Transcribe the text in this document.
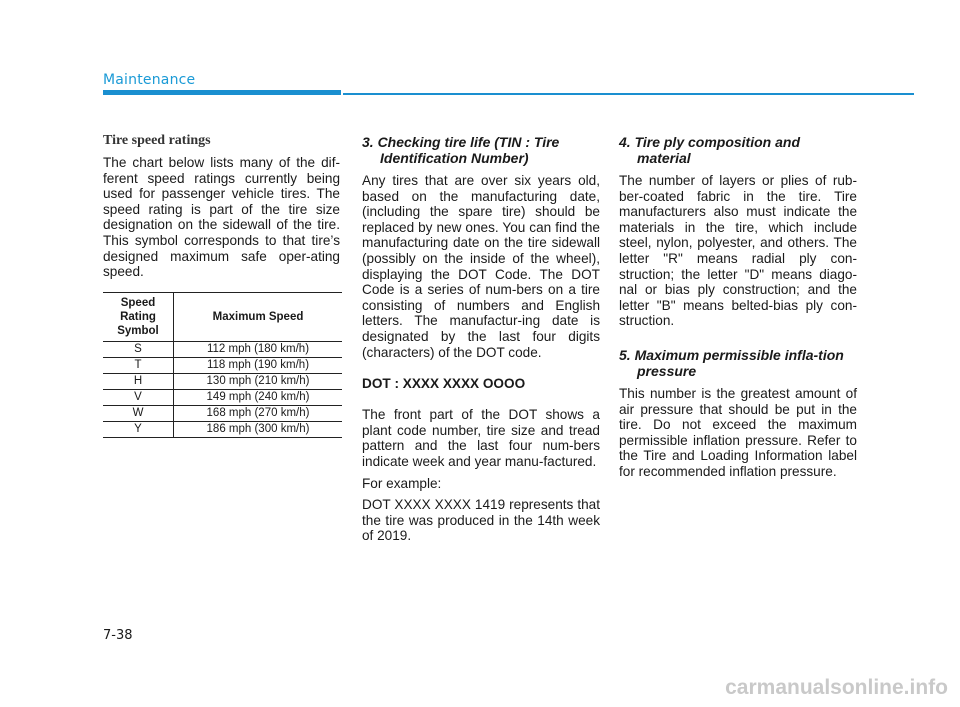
Maintenance
Tire speed ratings

The chart below lists many of the dif-ferent speed ratings currently being used for passenger vehicle tires. The speed rating is part of the tire size designation on the sidewall of the tire. This symbol corresponds to that tire’s designed maximum safe oper-ating speed.

Speed Rating Symbol	Maximum Speed
S	112 mph (180 km/h)
T	118 mph (190 km/h)
H	130 mph (210 km/h)
V	149 mph (240 km/h)
W	168 mph (270 km/h)
Y	186 mph (300 km/h)
3. Checking tire life (TIN : Tire Identification Number)

Any tires that are over six years old, based on the manufacturing date, (including the spare tire) should be replaced by new ones. You can find the manufacturing date on the tire sidewall (possibly on the inside of the wheel), displaying the DOT Code. The DOT Code is a series of num-bers on a tire consisting of numbers and English letters. The manufactur-ing date is designated by the last four digits (characters) of the DOT code.

DOT : XXXX XXXX OOOO

The front part of the DOT shows a plant code number, tire size and tread pattern and the last four num-bers indicate week and year manu-factured.

For example:

DOT XXXX XXXX 1419 represents that the tire was produced in the 14th week of 2019.

4. Tire ply composition and material

The number of layers or plies of rub-ber-coated fabric in the tire. Tire manufacturers also must indicate the materials in the tire, which include steel, nylon, polyester, and others. The letter "R" means radial ply con-struction; the letter "D" means diago-nal or bias ply construction; and the letter "B" means belted-bias ply con-struction.

5. Maximum permissible infla-tion pressure

This number is the greatest amount of air pressure that should be put in the tire. Do not exceed the maximum permissible inflation pressure. Refer to the Tire and Loading Information label for recommended inflation pressure.

7-38
carmanualsonline.info
